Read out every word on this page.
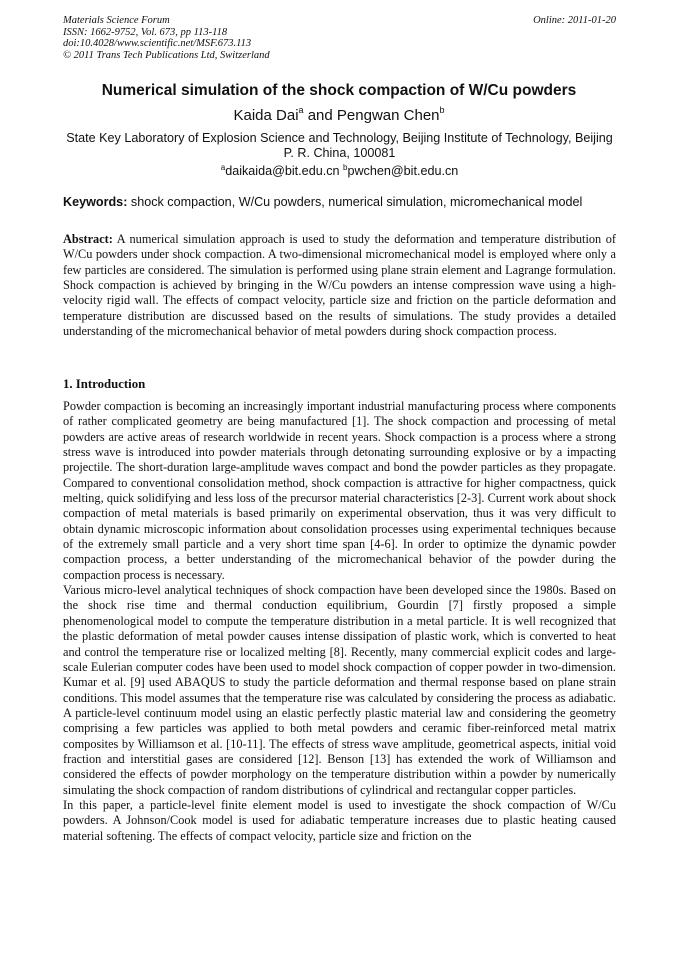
Materials Science Forum
ISSN: 1662-9752, Vol. 673, pp 113-118
doi:10.4028/www.scientific.net/MSF.673.113
© 2011 Trans Tech Publications Ltd, Switzerland
Online: 2011-01-20
Numerical simulation of the shock compaction of W/Cu powders
Kaida Dai$^a$ and Pengwan Chen$^b$
State Key Laboratory of Explosion Science and Technology, Beijing Institute of Technology, Beijing
P. R. China, 100081
$^a$daikaida@bit.edu.cn $^b$pwchen@bit.edu.cn
Keywords: shock compaction, W/Cu powders, numerical simulation, micromechanical model

Abstract: A numerical simulation approach is used to study the deformation and temperature distribution of W/Cu powders under shock compaction. A two-dimensional micromechanical model is employed where only a few particles are considered. The simulation is performed using plane strain element and Lagrange formulation. Shock compaction is achieved by bringing in the W/Cu powders an intense compression wave using a high-velocity rigid wall. The effects of compact velocity, particle size and friction on the particle deformation and temperature distribution are discussed based on the results of simulations. The study provides a detailed understanding of the micromechanical behavior of metal powders during shock compaction process.

1. Introduction

Powder compaction is becoming an increasingly important industrial manufacturing process where components of rather complicated geometry are being manufactured [1]. The shock compaction and processing of metal powders are active areas of research worldwide in recent years. Shock compaction is a process where a strong stress wave is introduced into powder materials through detonating surrounding explosive or by a impacting projectile. The short-duration large-amplitude waves compact and bond the powder particles as they propagate. Compared to conventional consolidation method, shock compaction is attractive for higher compactness, quick melting, quick solidifying and less loss of the precursor material characteristics [2-3]. Current work about shock compaction of metal materials is based primarily on experimental observation, thus it was very difficult to obtain dynamic microscopic information about consolidation processes using experimental techniques because of the extremely small particle and a very short time span [4-6]. In order to optimize the dynamic powder compaction process, a better understanding of the micromechanical behavior of the powder during the compaction process is necessary.

Various micro-level analytical techniques of shock compaction have been developed since the 1980s. Based on the shock rise time and thermal conduction equilibrium, Gourdin [7] firstly proposed a simple phenomenological model to compute the temperature distribution in a metal particle. It is well recognized that the plastic deformation of metal powder causes intense dissipation of plastic work, which is converted to heat and control the temperature rise or localized melting [8]. Recently, many commercial explicit codes and large-scale Eulerian computer codes have been used to model shock compaction of copper powder in two-dimension. Kumar et al. [9] used ABAQUS to study the particle deformation and thermal response based on plane strain conditions. This model assumes that the temperature rise was calculated by considering the process as adiabatic. A particle-level continuum model using an elastic perfectly plastic material law and considering the geometry comprising a few particles was applied to both metal powders and ceramic fiber-reinforced metal matrix composites by Williamson et al. [10-11]. The effects of stress wave amplitude, geometrical aspects, initial void fraction and interstitial gases are considered [12]. Benson [13] has extended the work of Williamson and considered the effects of powder morphology on the temperature distribution within a powder by numerically simulating the shock compaction of random distributions of cylindrical and rectangular copper particles.

In this paper, a particle-level finite element model is used to investigate the shock compaction of W/Cu powders. A Johnson/Cook model is used for adiabatic temperature increases due to plastic heating caused material softening. The effects of compact velocity, particle size and friction on the
